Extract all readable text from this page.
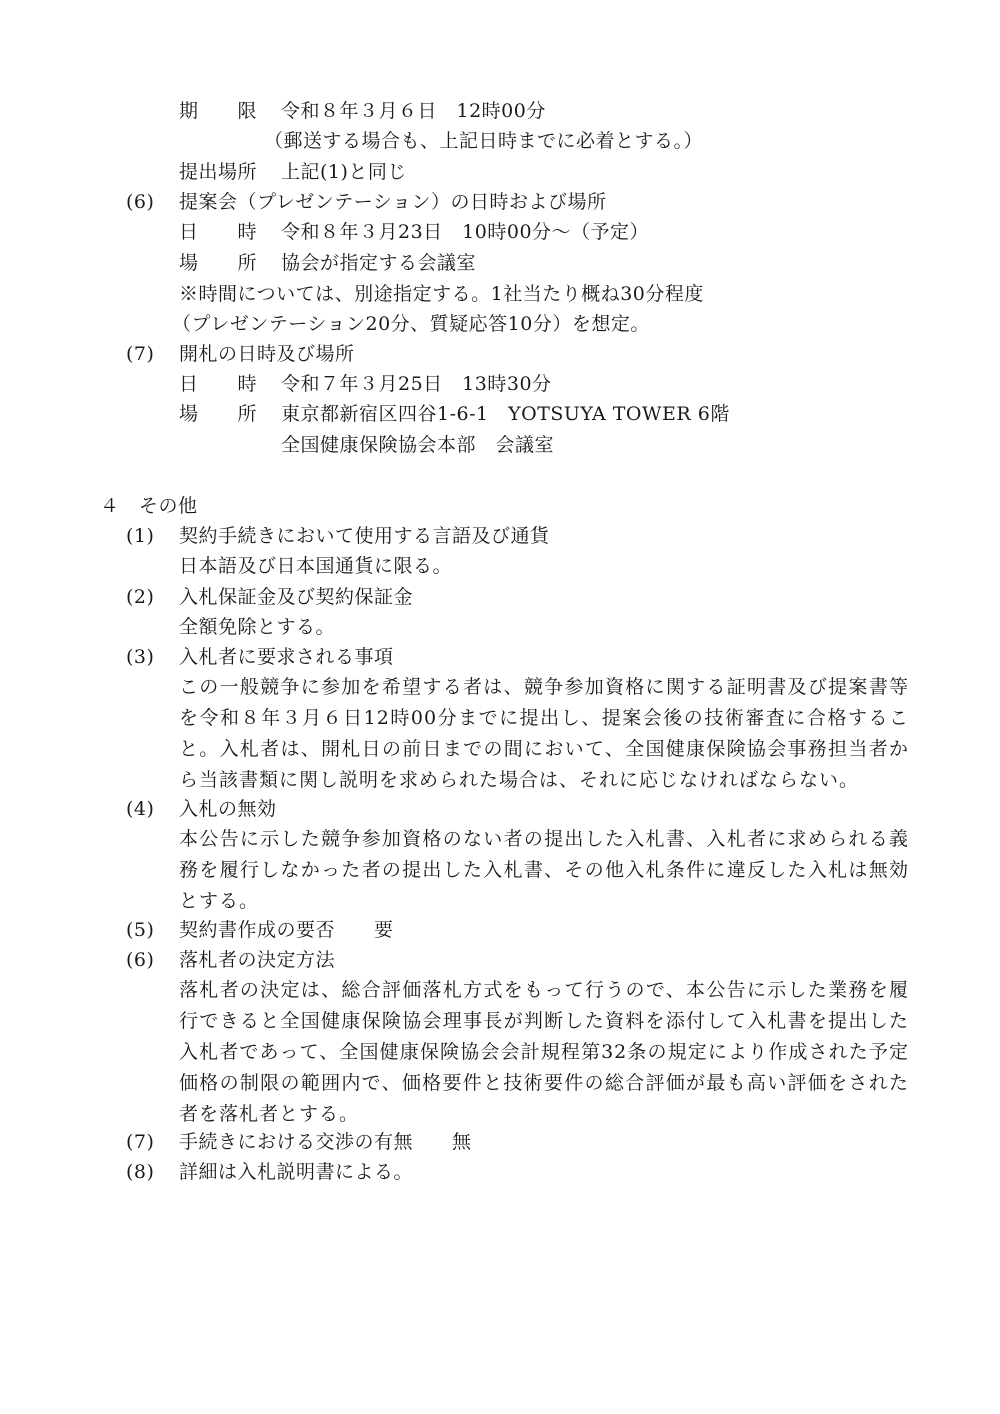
期　　限 令和８年３月６日　12時00分
（郵送する場合も、上記日時までに必着とする。）
提出場所 上記(1)と同じ
(6) 提案会（プレゼンテーション）の日時および場所
日　　時 令和８年３月23日　10時00分～（予定）
場　　所 協会が指定する会議室
※時間については、別途指定する。1社当たり概ね30分程度
（プレゼンテーション20分、質疑応答10分）を想定。
(7) 開札の日時及び場所
日　　時 令和７年３月25日　13時30分
場　　所 東京都新宿区四谷1-6-1　YOTSUYA TOWER 6階
全国健康保険協会本部　会議室
４　その他
(1) 契約手続きにおいて使用する言語及び通貨
日本語及び日本国通貨に限る。
(2) 入札保証金及び契約保証金
全額免除とする。
(3) 入札者に要求される事項
この一般競争に参加を希望する者は、競争参加資格に関する証明書及び提案書等を令和８年３月６日12時00分までに提出し、提案会後の技術審査に合格すること。入札者は、開札日の前日までの間において、全国健康保険協会事務担当者から当該書類に関し説明を求められた場合は、それに応じなければならない。
(4) 入札の無効
本公告に示した競争参加資格のない者の提出した入札書、入札者に求められる義務を履行しなかった者の提出した入札書、その他入札条件に違反した入札は無効とする。
(5) 契約書作成の要否　　要
(6) 落札者の決定方法
落札者の決定は、総合評価落札方式をもって行うので、本公告に示した業務を履行できると全国健康保険協会理事長が判断した資料を添付して入札書を提出した入札者であって、全国健康保険協会会計規程第32条の規定により作成された予定価格の制限の範囲内で、価格要件と技術要件の総合評価が最も高い評価をされた者を落札者とする。
(7) 手続きにおける交渉の有無　　無
(8) 詳細は入札説明書による。
